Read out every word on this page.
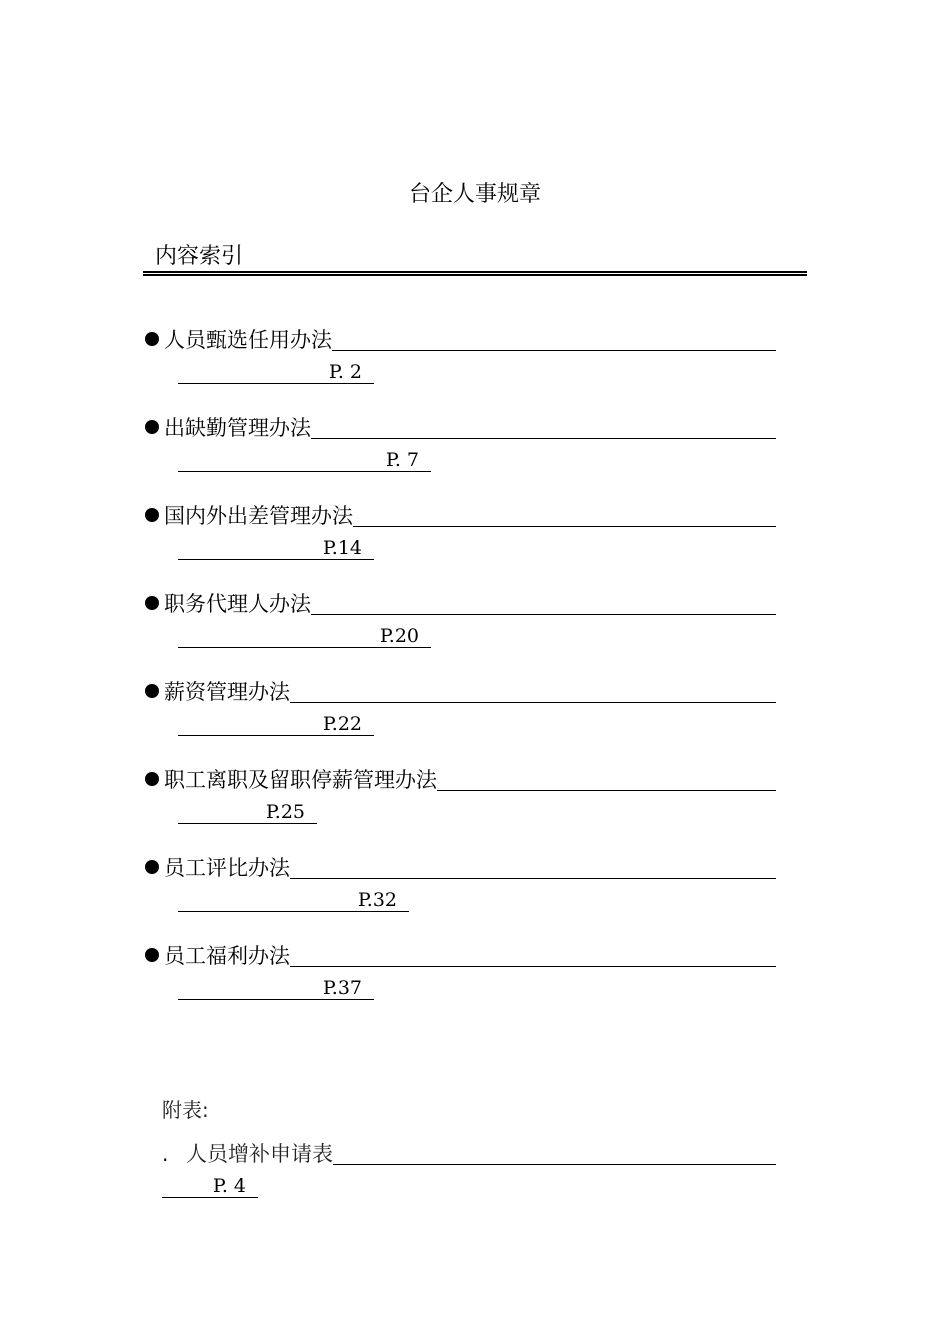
台企人事规章
内容索引
人员甄选任用办法
P. 2
出缺勤管理办法
P. 7
国内外出差管理办法
P.14
职务代理人办法
P.20
薪资管理办法
P.22
职工离职及留职停薪管理办法
P.25
员工评比办法
P.32
员工福利办法
P.37
附表:
. 人员增补申请表
P. 4
